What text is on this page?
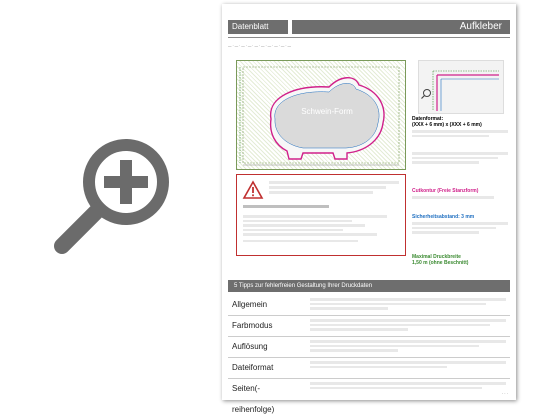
Datenblatt	Aufkleber
— · — · — · — · — · — · — · — · — · —
Schwein-Form
Datenformat:
(XXX + 6 mm) x (XXX + 6 mm)
Cutkontur (Freie Stanzform)
Sicherheitsabstand: 3 mm
Maximal Druckbreite
1,50 m (ohne Beschnitt)
5 Tipps zur fehlerfreien Gestaltung Ihrer Druckdaten
Allgemein
Farbmodus
Auflösung
Dateiformat
Seiten(-reihenfolge)
· · ·
